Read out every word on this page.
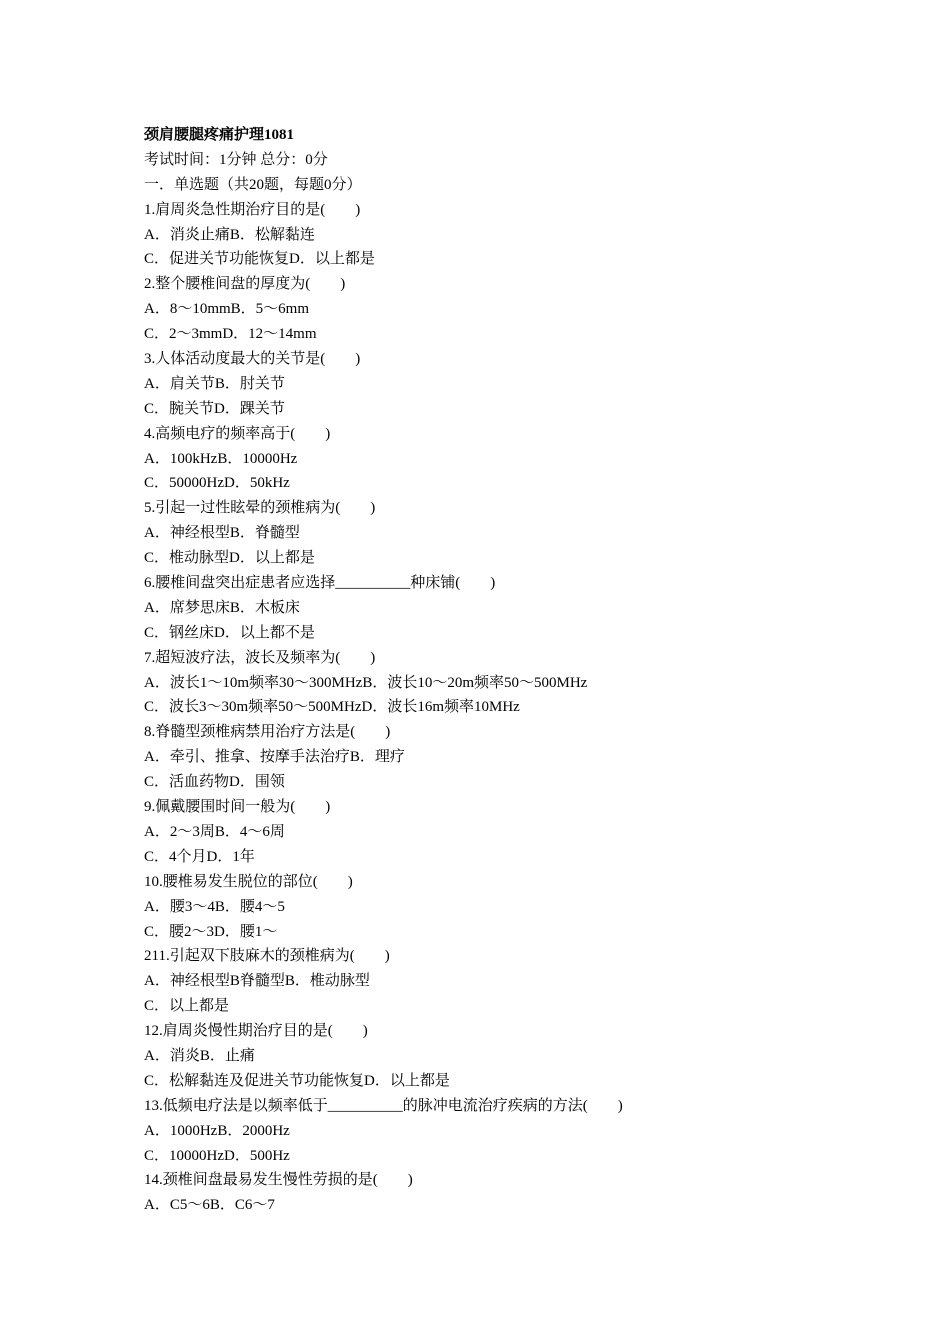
颈肩腰腿疼痛护理1081
考试时间：1分钟 总分：0分
一．单选题（共20题，每题0分）
1.肩周炎急性期治疗目的是(　　)
A．消炎止痛B．松解黏连
C．促进关节功能恢复D．以上都是
2.整个腰椎间盘的厚度为(　　)
A．8～10mmB．5～6mm
C．2～3mmD．12～14mm
3.人体活动度最大的关节是(　　)
A．肩关节B．肘关节
C．腕关节D．踝关节
4.高频电疗的频率高于(　　)
A．100kHzB．10000Hz
C．50000HzD．50kHz
5.引起一过性眩晕的颈椎病为(　　)
A．神经根型B．脊髓型
C．椎动脉型D．以上都是
6.腰椎间盘突出症患者应选择__________种床铺(　　)
A．席梦思床B．木板床
C．钢丝床D．以上都不是
7.超短波疗法，波长及频率为(　　)
A．波长1～10m频率30～300MHzB．波长10～20m频率50～500MHz
C．波长3～30m频率50～500MHzD．波长16m频率10MHz
8.脊髓型颈椎病禁用治疗方法是(　　)
A．牵引、推拿、按摩手法治疗B．理疗
C．活血药物D．围领
9.佩戴腰围时间一般为(　　)
A．2～3周B．4～6周
C．4个月D．1年
10.腰椎易发生脱位的部位(　　)
A．腰3～4B．腰4～5
C．腰2～3D．腰1～
211.引起双下肢麻木的颈椎病为(　　)
A．神经根型B脊髓型B．椎动脉型
C．以上都是
12.肩周炎慢性期治疗目的是(　　)
A．消炎B．止痛
C．松解黏连及促进关节功能恢复D．以上都是
13.低频电疗法是以频率低于__________的脉冲电流治疗疾病的方法(　　)
A．1000HzB．2000Hz
C．10000HzD．500Hz
14.颈椎间盘最易发生慢性劳损的是(　　)
A．C5～6B．C6～7
